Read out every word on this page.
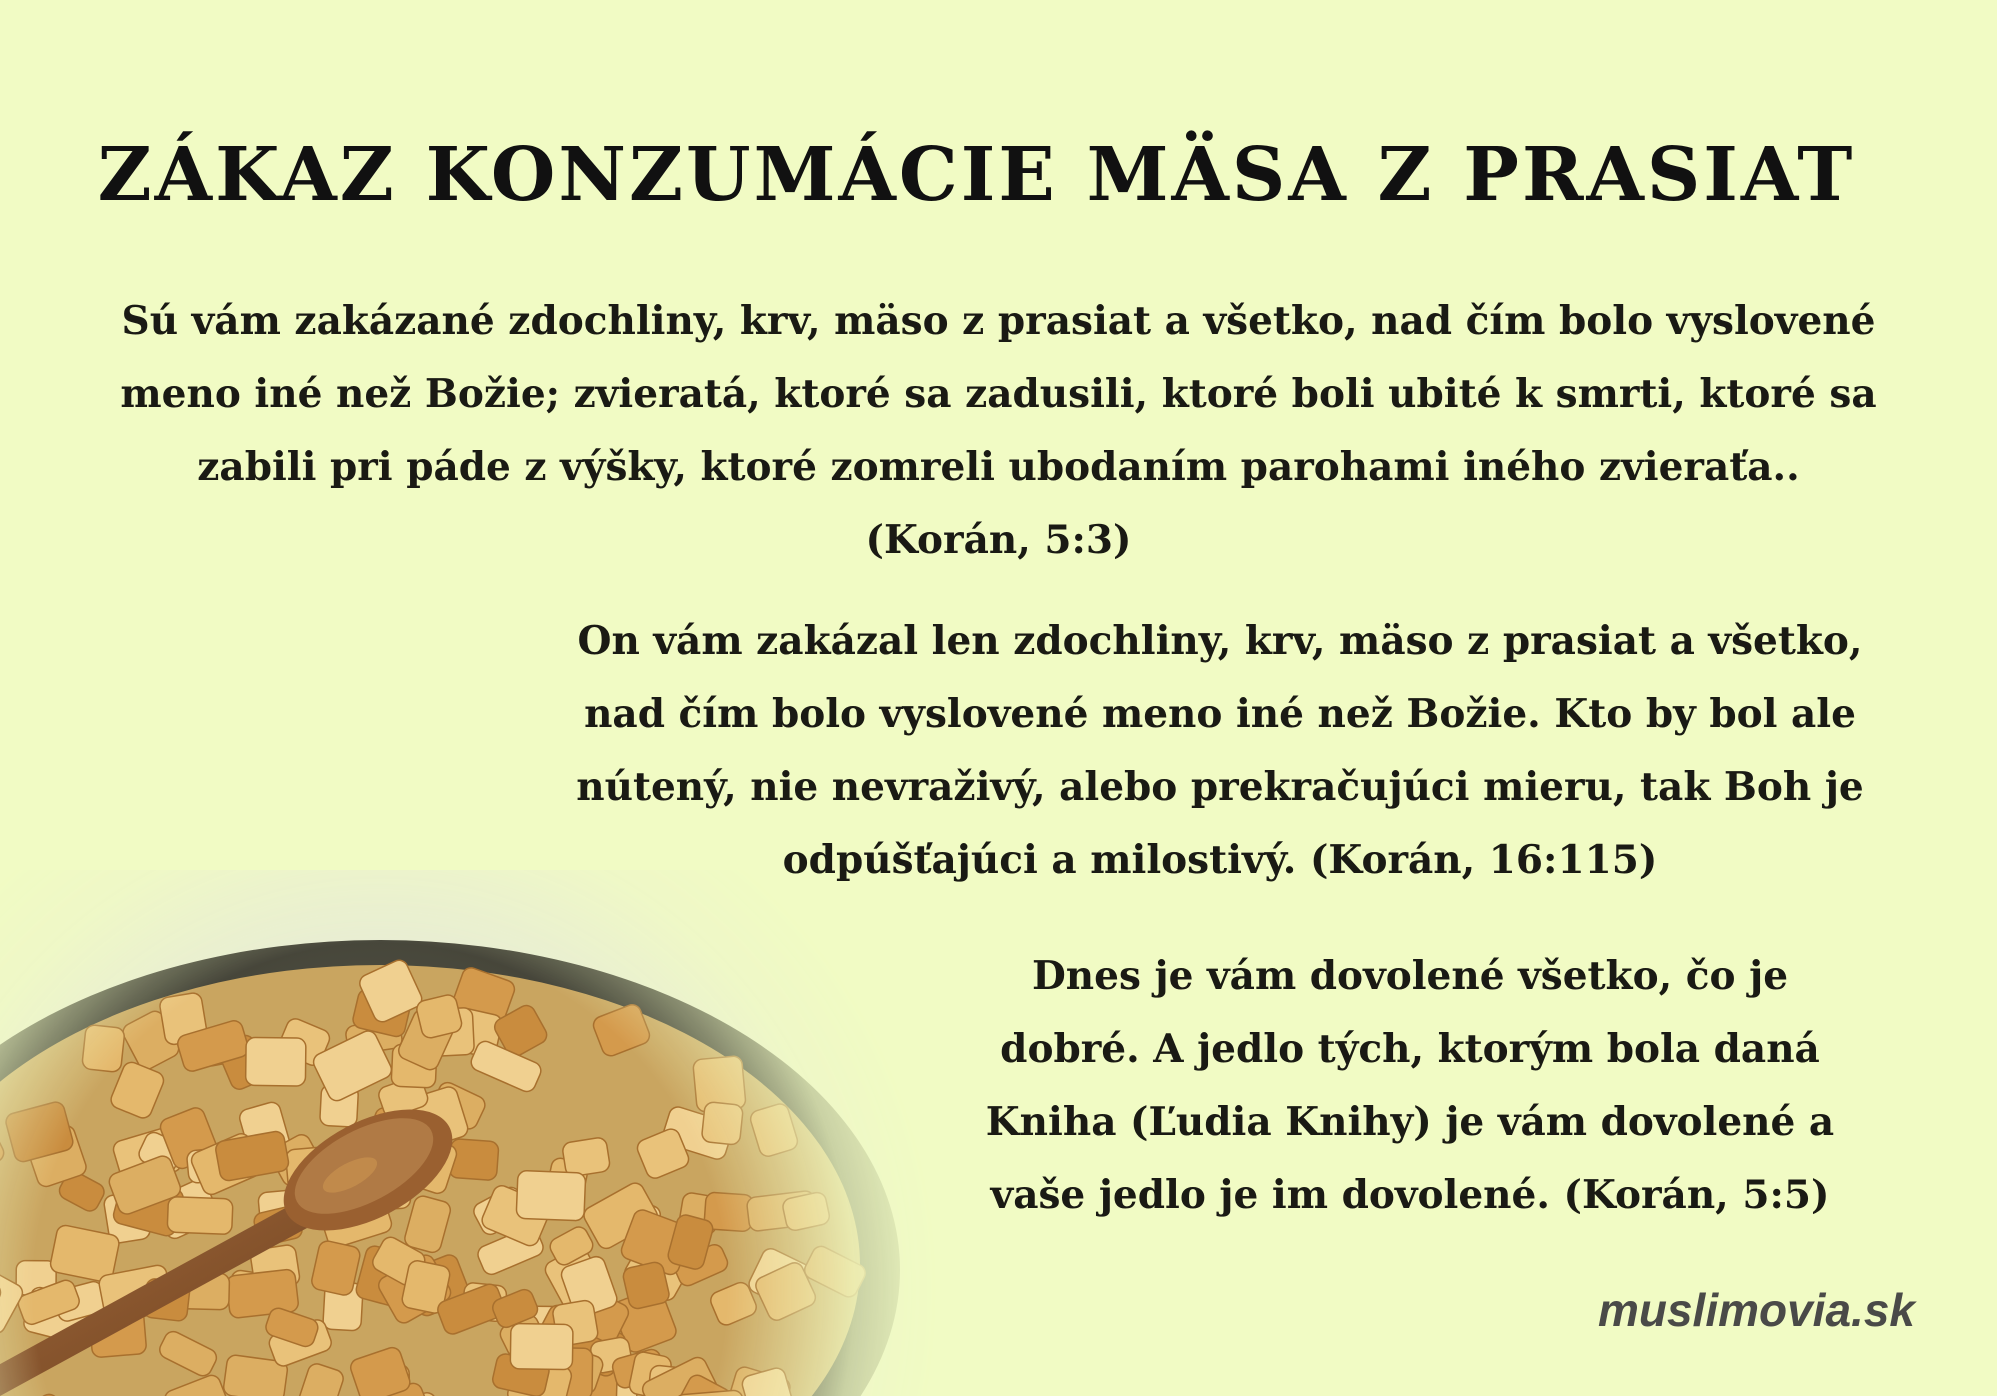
ZÁKAZ KONZUMÁCIE MÄSA Z PRASIAT
Sú vám zakázané zdochliny, krv, mäso z prasiat a všetko, nad čím bolo vyslovené
meno iné než Božie; zvieratá, ktoré sa zadusili, ktoré boli ubité k smrti, ktoré sa
zabili pri páde z výšky, ktoré zomreli ubodaním parohami iného zvieraťa..
(Korán, 5:3)
On vám zakázal len zdochliny, krv, mäso z prasiat a všetko,
nad čím bolo vyslovené meno iné než Božie. Kto by bol ale
nútený, nie nevraživý, alebo prekračujúci mieru, tak Boh je
odpúšťajúci a milostivý. (Korán, 16:115)
Dnes je vám dovolené všetko, čo je
dobré. A jedlo tých, ktorým bola daná
Kniha (Ľudia Knihy) je vám dovolené a
vaše jedlo je im dovolené. (Korán, 5:5)

muslimovia.sk
